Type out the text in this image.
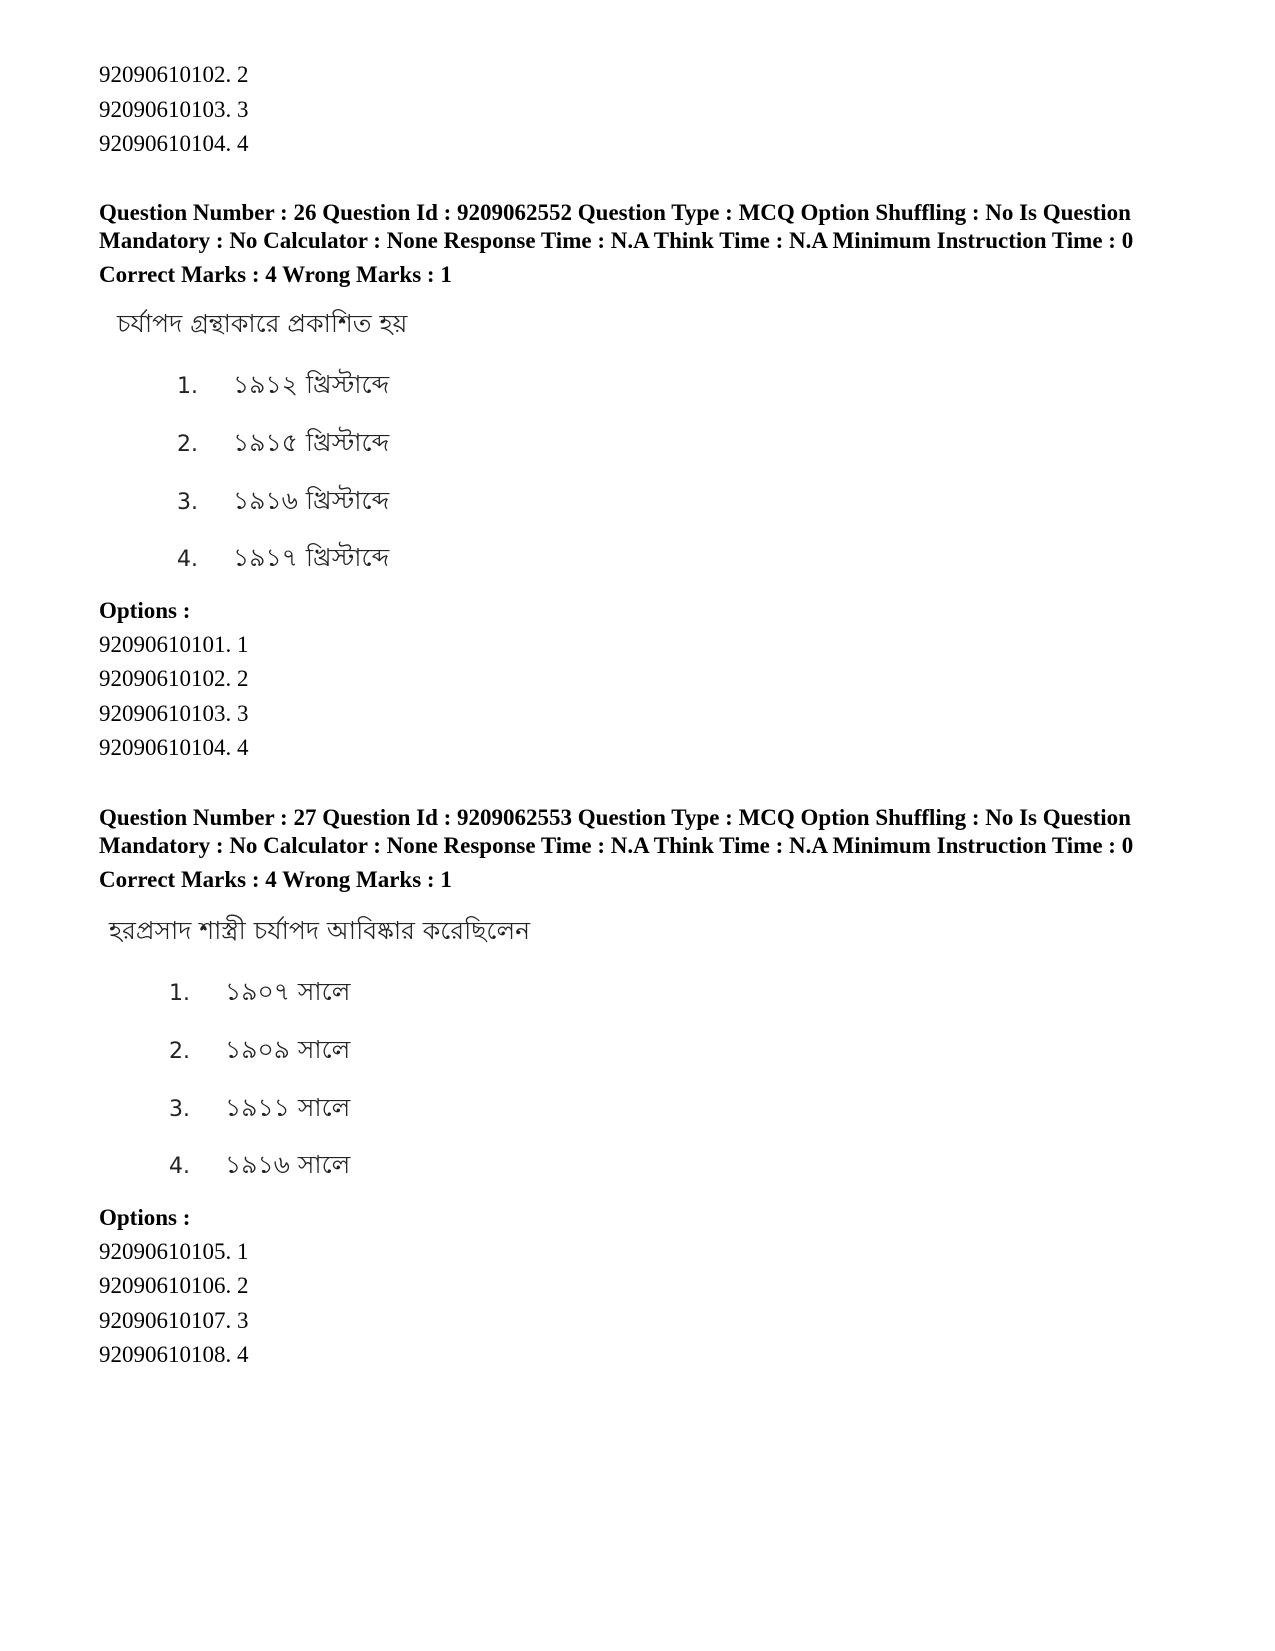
92090610102. 2
92090610103. 3
92090610104. 4
Question Number : 26 Question Id : 9209062552 Question Type : MCQ Option Shuffling : No Is Question Mandatory : No Calculator : None Response Time : N.A Think Time : N.A Minimum Instruction Time : 0
Correct Marks : 4 Wrong Marks : 1
চর্যাপদ গ্রন্থাকারে প্রকাশিত হয়
1.	১৯১২ খ্রিস্টাব্দে
2.	১৯১৫ খ্রিস্টাব্দে
3.	১৯১৬ খ্রিস্টাব্দে
4.	১৯১৭ খ্রিস্টাব্দে
Options :
92090610101. 1
92090610102. 2
92090610103. 3
92090610104. 4
Question Number : 27 Question Id : 9209062553 Question Type : MCQ Option Shuffling : No Is Question Mandatory : No Calculator : None Response Time : N.A Think Time : N.A Minimum Instruction Time : 0
Correct Marks : 4 Wrong Marks : 1
হরপ্রসাদ শাস্ত্রী চর্যাপদ আবিষ্কার করেছিলেন
1.	১৯০৭ সালে
2.	১৯০৯ সালে
3.	১৯১১ সালে
4.	১৯১৬ সালে
Options :
92090610105. 1
92090610106. 2
92090610107. 3
92090610108. 4
